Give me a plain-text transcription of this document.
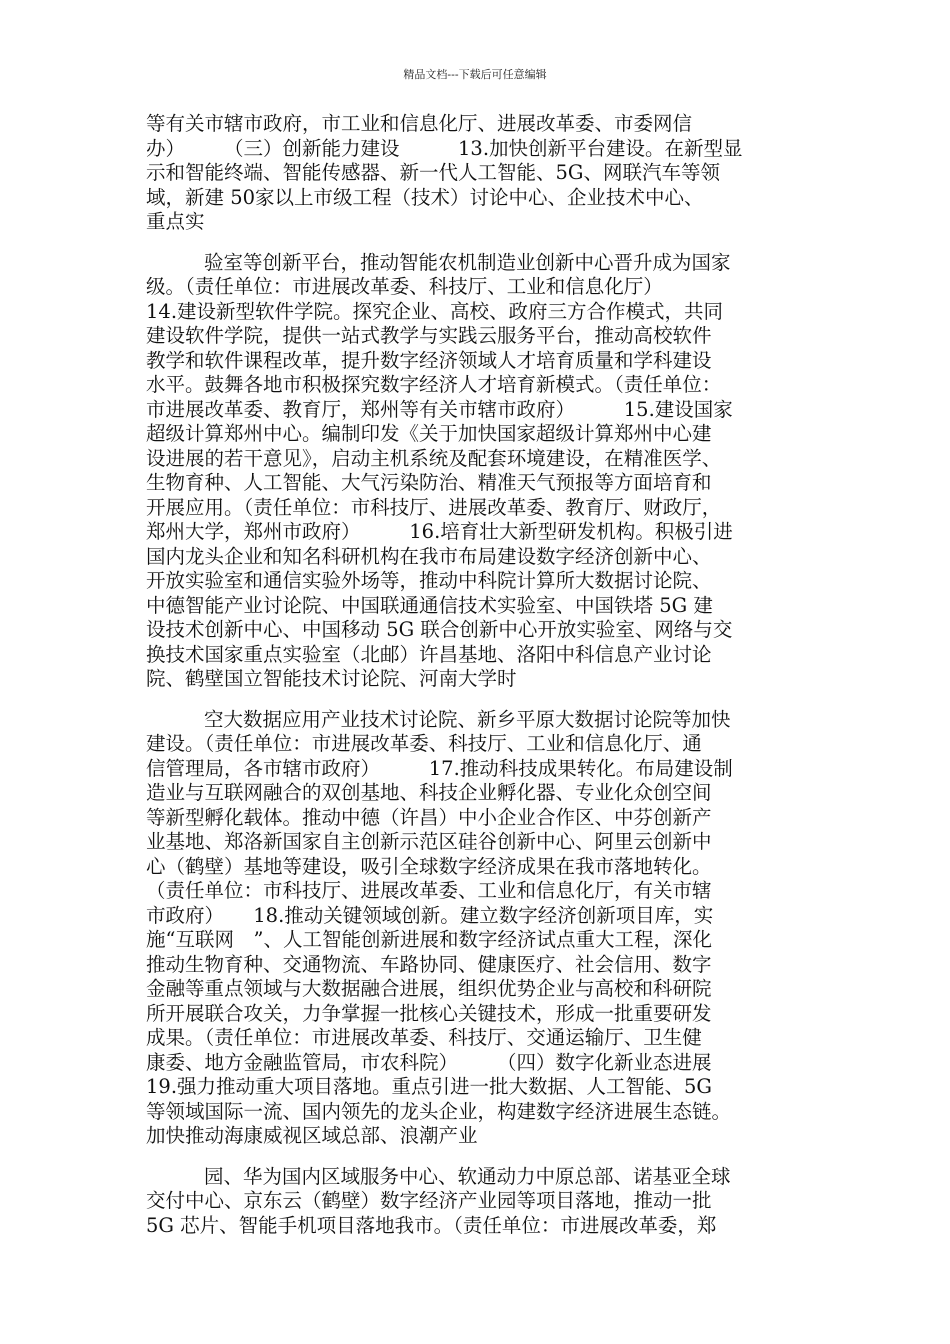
精品文档---下载后可任意编辑
等有关市辖市政府，市工业和信息化厅、进展改革委、市委网信
办）　　　（三）创新能力建设　　　13.加快创新平台建设。在新型显
示和智能终端、智能传感器、新一代人工智能、5G、网联汽车等领
域，新建 50家以上市级工程（技术）讨论中心、企业技术中心、
重点实
验室等创新平台，推动智能农机制造业创新中心晋升成为国家
级。（责任单位：市进展改革委、科技厅、工业和信息化厅）
14.建设新型软件学院。探究企业、高校、政府三方合作模式，共同
建设软件学院，提供一站式教学与实践云服务平台，推动高校软件
教学和软件课程改革，提升数字经济领域人才培育质量和学科建设
水平。鼓舞各地市积极探究数字经济人才培育新模式。（责任单位：
市进展改革委、教育厅，郑州等有关市辖市政府）　　　15.建设国家
超级计算郑州中心。编制印发《关于加快国家超级计算郑州中心建
设进展的若干意见》，启动主机系统及配套环境建设，在精准医学、
生物育种、人工智能、大气污染防治、精准天气预报等方面培育和
开展应用。（责任单位：市科技厅、进展改革委、教育厅、财政厅，
郑州大学，郑州市政府）　　　16.培育壮大新型研发机构。积极引进
国内龙头企业和知名科研机构在我市布局建设数字经济创新中心、
开放实验室和通信实验外场等，推动中科院计算所大数据讨论院、
中德智能产业讨论院、中国联通通信技术实验室、中国铁塔 5G 建
设技术创新中心、中国移动 5G 联合创新中心开放实验室、网络与交
换技术国家重点实验室（北邮）许昌基地、洛阳中科信息产业讨论
院、鹤壁国立智能技术讨论院、河南大学时
空大数据应用产业技术讨论院、新乡平原大数据讨论院等加快
建设。（责任单位：市进展改革委、科技厅、工业和信息化厅、通
信管理局，各市辖市政府）　　　17.推动科技成果转化。布局建设制
造业与互联网融合的双创基地、科技企业孵化器、专业化众创空间
等新型孵化载体。推动中德（许昌）中小企业合作区、中芬创新产
业基地、郑洛新国家自主创新示范区硅谷创新中心、阿里云创新中
心（鹤壁）基地等建设，吸引全球数字经济成果在我市落地转化。
（责任单位：市科技厅、进展改革委、工业和信息化厅，有关市辖
市政府）　　18.推动关键领域创新。建立数字经济创新项目库，实
施“互联网　”、人工智能创新进展和数字经济试点重大工程，深化
推动生物育种、交通物流、车路协同、健康医疗、社会信用、数字
金融等重点领域与大数据融合进展，组织优势企业与高校和科研院
所开展联合攻关，力争掌握一批核心关键技术，形成一批重要研发
成果。（责任单位：市进展改革委、科技厅、交通运输厅、卫生健
康委、地方金融监管局，市农科院）　　　（四）数字化新业态进展
19.强力推动重大项目落地。重点引进一批大数据、人工智能、5G
等领域国际一流、国内领先的龙头企业，构建数字经济进展生态链。
加快推动海康威视区域总部、浪潮产业
园、华为国内区域服务中心、软通动力中原总部、诺基亚全球
交付中心、京东云（鹤壁）数字经济产业园等项目落地，推动一批
5G 芯片、智能手机项目落地我市。（责任单位：市进展改革委，郑
